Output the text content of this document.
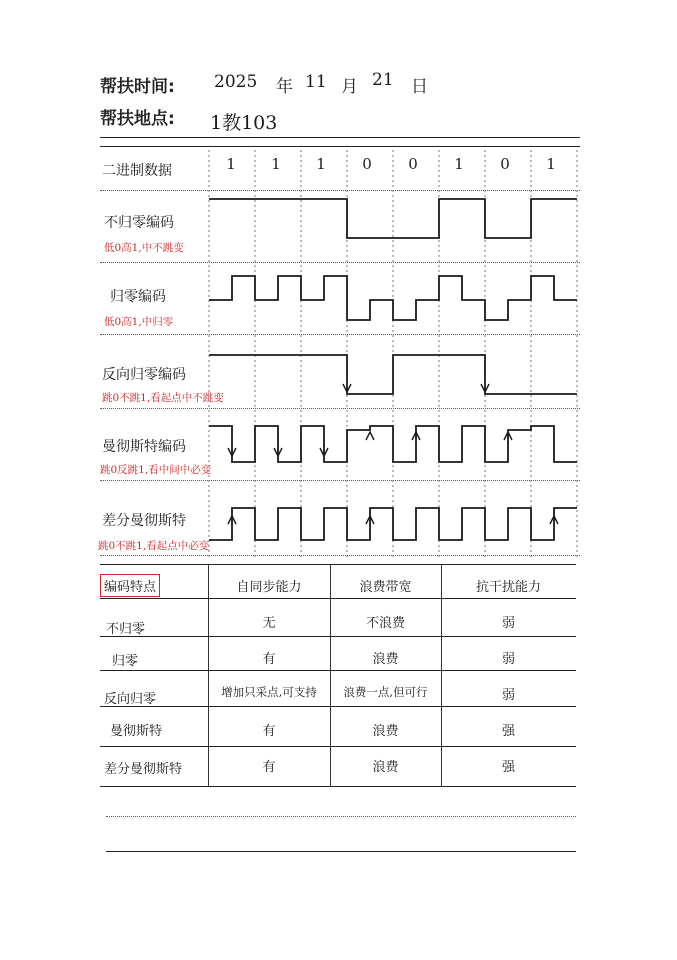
帮扶时间: 2025 年 11 月 21 日
帮扶地点: 1教103
二进制数据	1	1	1	0	0	1	0	1
不归零编码
低0高1,中不跳变
归零编码
低0高1,中归零
反向归零编码
跳0不跳1,看起点中不跳变
曼彻斯特编码
跳0反跳1,看中间中必变
差分曼彻斯特
跳0不跳1,看起点中必变
编码特点	自同步能力	浪费带宽	抗干扰能力
不归零	无	不浪费	弱
归零	有	浪费	弱
反向归零	增加只采点,可支持	浪费一点,但可行	弱
曼彻斯特	有	浪费	强
差分曼彻斯特	有	浪费	强
